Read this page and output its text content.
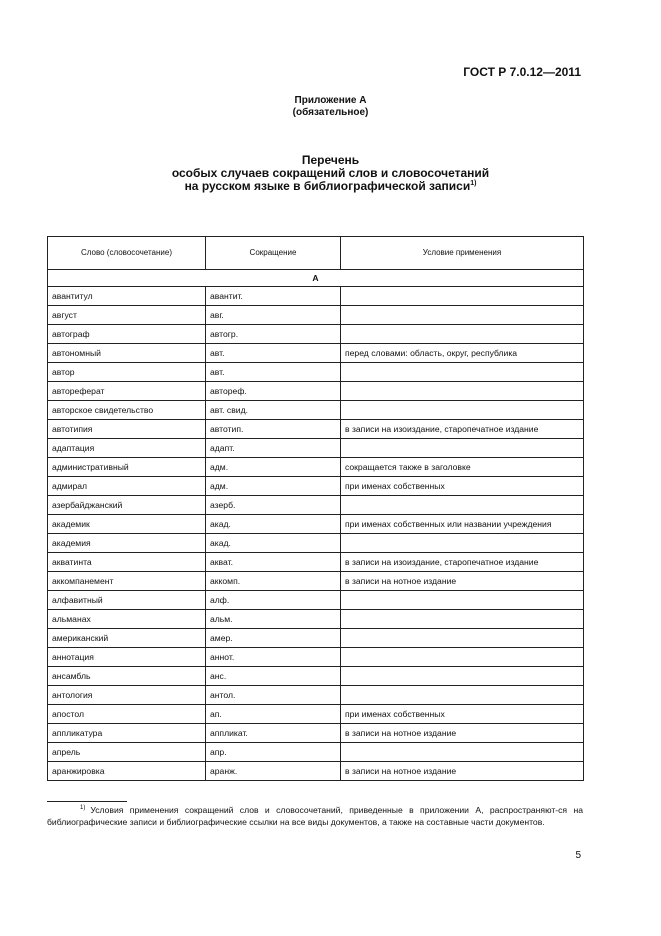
ГОСТ Р 7.0.12—2011
Приложение А
(обязательное)
Перечень
особых случаев сокращений слов и словосочетаний
на русском языке в библиографической записи$^{1)}$
Слово (словосочетание)	Сокращение	Условие применения
А		
авантитул	авантит.	
август	авг.	
автограф	автогр.	
автономный	авт.	перед словами: область, округ, республика
автор	авт.	
автореферат	автореф.	
авторское свидетельство	авт. свид.	
автотипия	автотип.	в записи на изоиздание, старопечатное издание
адаптация	адапт.	
административный	адм.	сокращается также в заголовке
адмирал	адм.	при именах собственных
азербайджанский	азерб.	
академик	акад.	при именах собственных или названии учреждения
академия	акад.	
акватинта	акват.	в записи на изоиздание, старопечатное издание
аккомпанемент	аккомп.	в записи на нотное издание
алфавитный	алф.	
альманах	альм.	
американский	амер.	
аннотация	аннот.	
ансамбль	анс.	
антология	антол.	
апостол	ап.	при именах собственных
аппликатура	аппликат.	в записи на нотное издание
апрель	апр.	
аранжировка	аранж.	в записи на нотное издание
$^{1)}$ Условия применения сокращений слов и словосочетаний, приведенные в приложении А, распространяют-ся на библиографические записи и библиографические ссылки на все виды документов, а также на составные части документов.
5
